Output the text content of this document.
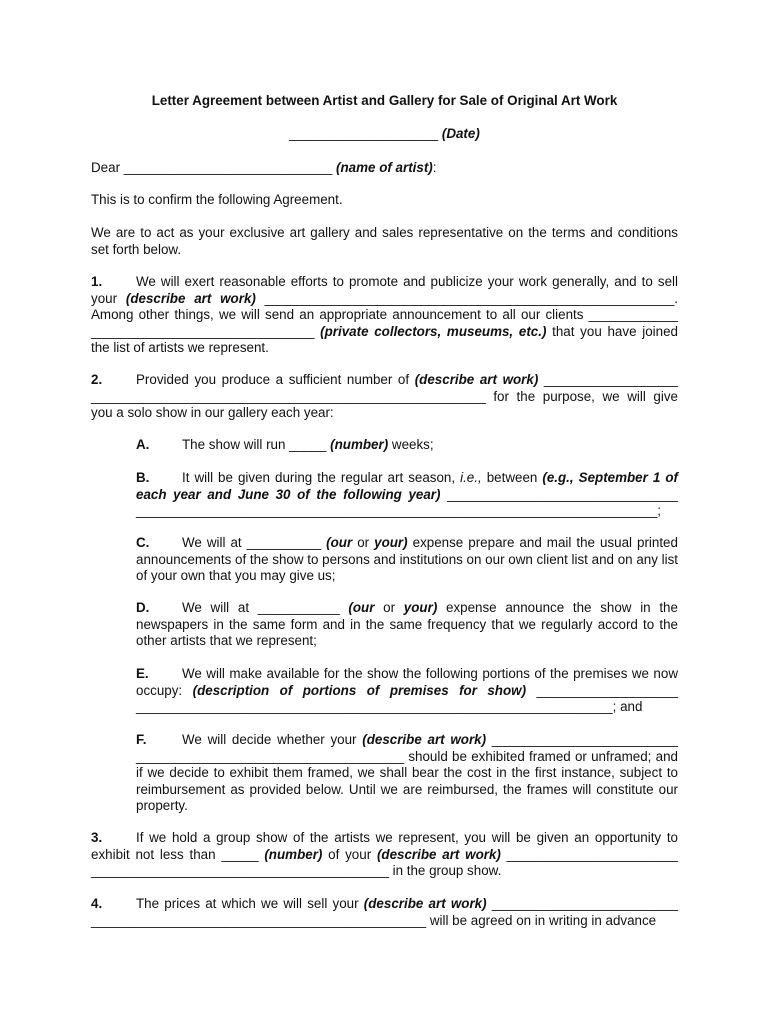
Letter Agreement between Artist and Gallery for Sale of Original Art Work
____________________ (Date)
Dear ____________________________ (name of artist):
This is to confirm the following Agreement.
We are to act as your exclusive art gallery and sales representative on the terms and conditions set forth below.
1.	We will exert reasonable efforts to promote and publicize your work generally, and to sell your (describe art work) _______________________________________________________. Among other things, we will send an appropriate announcement to all our clients ____________ ______________________________ (private collectors, museums, etc.) that you have joined the list of artists we represent.
2.	Provided you produce a sufficient number of (describe art work) __________________ _____________________________________________________ for the purpose, we will give you a solo show in our gallery each year:
A. The show will run _____ (number) weeks;
B. It will be given during the regular art season, i.e., between (e.g., September 1 of each year and June 30 of the following year) _______________________________ ______________________________________________________________________;
C. We will at __________ (our or your) expense prepare and mail the usual printed announcements of the show to persons and institutions on our own client list and on any list of your own that you may give us;
D. We will at ___________ (our or your) expense announce the show in the newspapers in the same form and in the same frequency that we regularly accord to the other artists that we represent;
E. We will make available for the show the following portions of the premises we now occupy: (description of portions of premises for show) ___________________ ________________________________________________________________; and
F.	We will decide whether your (describe art work) _________________________ ____________________________________ should be exhibited framed or unframed; and if we decide to exhibit them framed, we shall bear the cost in the first instance, subject to reimbursement as provided below. Until we are reimbursed, the frames will constitute our property.
3.	If we hold a group show of the artists we represent, you will be given an opportunity to exhibit not less than _____ (number) of your (describe art work) _______________________ ________________________________________ in the group show.
4.	The prices at which we will sell your (describe art work) _________________________ _____________________________________________ will be agreed on in writing in advance
